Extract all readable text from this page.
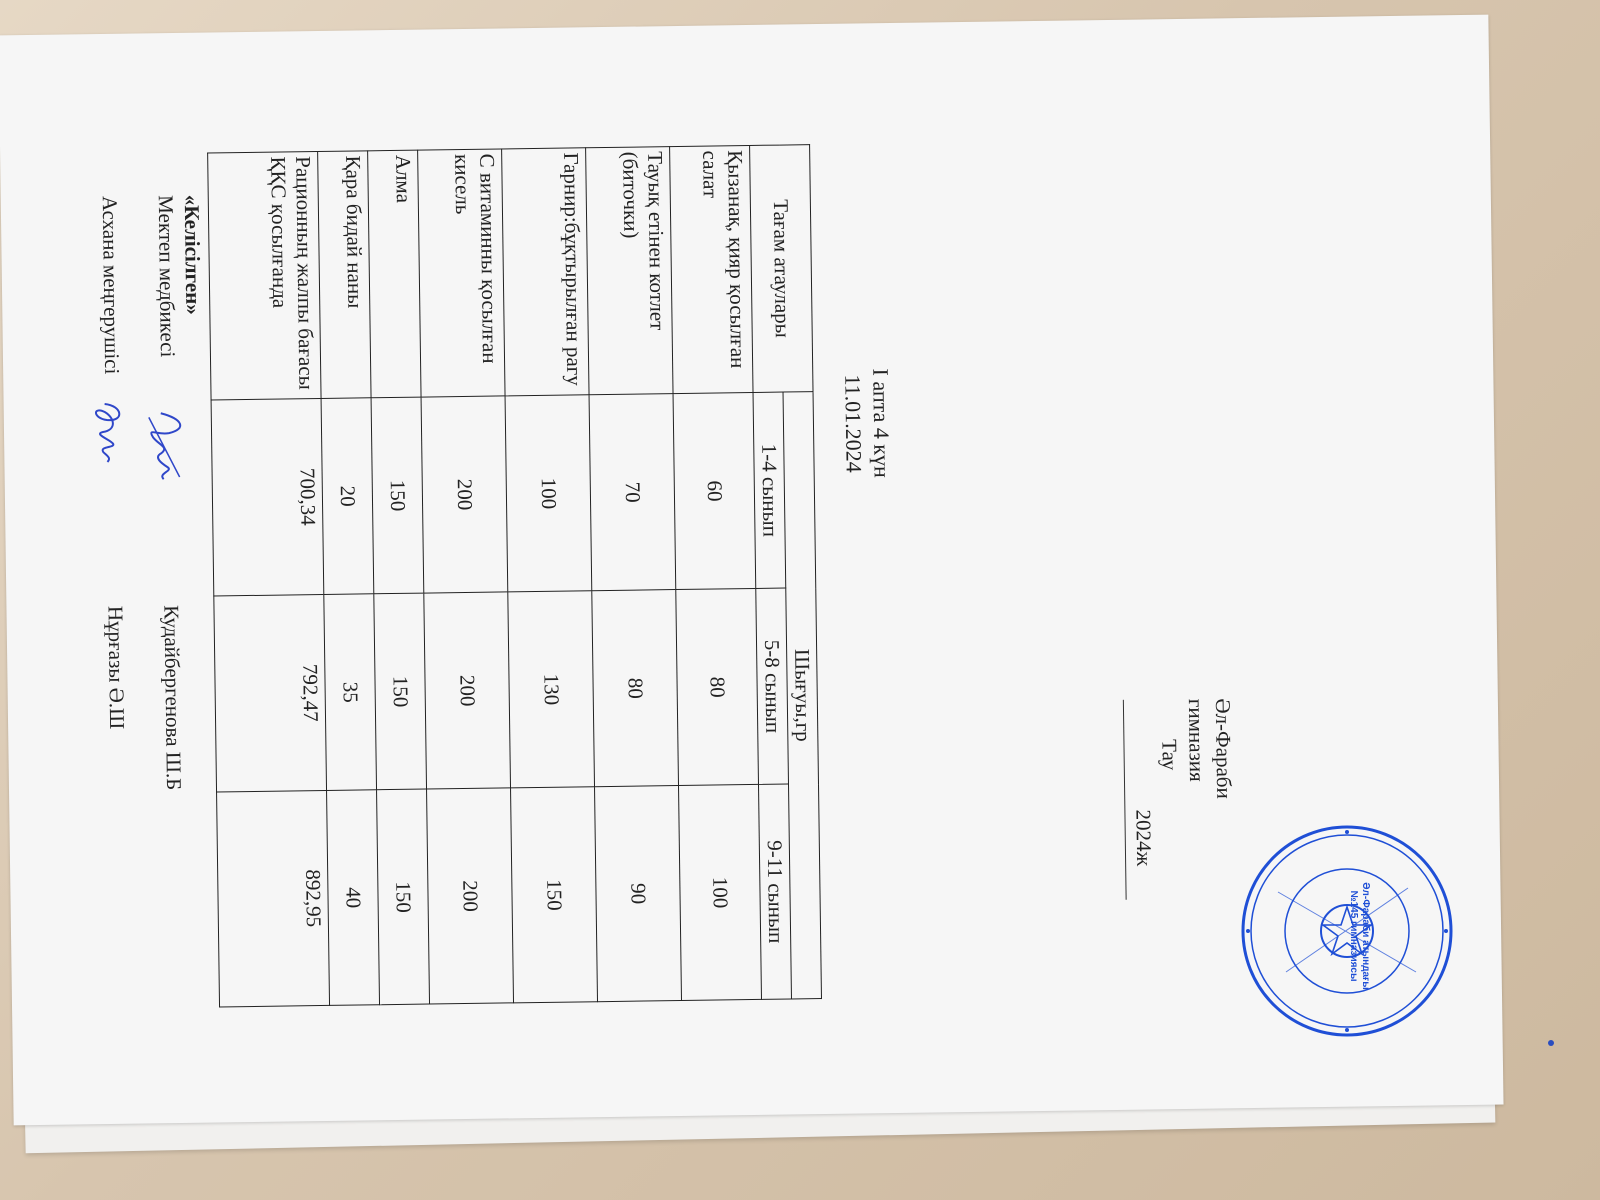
Әл-Фараби
гимназия
Тау
2024ж
I апта 4 күн
11.01.2024
Тағам атаулары	Шығуы,гр		
	1-4 сынып	5-8 сынып	9-11 сынып
Қызанақ, қияр қосылған салат	60	80	100
Тауық етінен котлет (биточки)	70	80	90
Гарнир:бұқтырылған рагу	100	130	150
С витаминны қосылған кисель	200	200	200
Алма	150	150	150
Қара бидай наны	20	35	40
Рационның жалпы бағасы ҚҚС қосылғанда	700,34	792,47	892,95
«Келісілген»
Мектеп медбикесі
Кудайбергенова Ш.Б
Асхана меңгерушісі
Нұрғазы Ә.Ш
Әл-Фараби атындағы №145 гимназиясы
